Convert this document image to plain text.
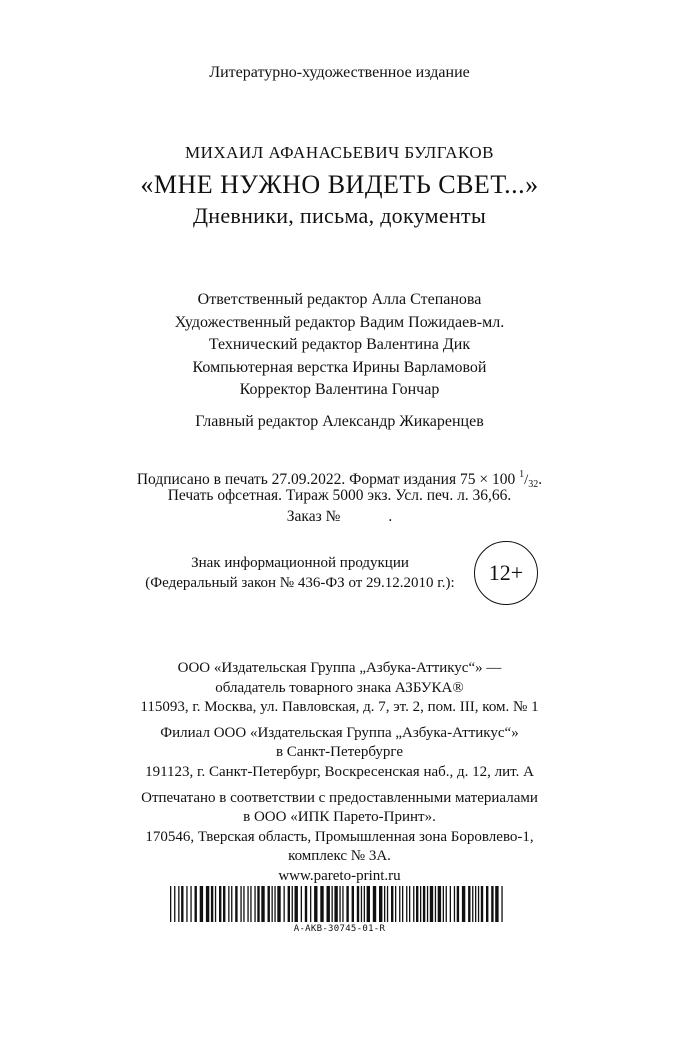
Литературно-художественное издание
МИХАИЛ АФАНАСЬЕВИЧ БУЛГАКОВ
«МНЕ НУЖНО ВИДЕТЬ СВЕТ...»
Дневники, письма, документы
Ответственный редактор Алла Степанова
Художественный редактор Вадим Пожидаев-мл.
Технический редактор Валентина Дик
Компьютерная верстка Ирины Варламовой
Корректор Валентина Гончар
Главный редактор Александр Жикаренцев
Подписано в печать 27.09.2022. Формат издания 75 × 100 $^1$/32.
Печать офсетная. Тираж 5000 экз. Усл. печ. л. 36,66.
Заказ №	.
Знак информационной продукции
(Федеральный закон № 436-ФЗ от 29.12.2010 г.): 12+
ООО «Издательская Группа „Азбука-Аттикус“» —
обладатель товарного знака АЗБУКА®
115093, г. Москва, ул. Павловская, д. 7, эт. 2, пом. III, ком. № 1
Филиал ООО «Издательская Группа „Азбука-Аттикус“»
в Санкт-Петербурге
191123, г. Санкт-Петербург, Воскресенская наб., д. 12, лит. А
Отпечатано в соответствии с предоставленными материалами
в ООО «ИПК Парето-Принт».
170546, Тверская область, Промышленная зона Боровлево-1,
комплекс № 3А.
www.pareto-print.ru
A-AKB-30745-01-R
